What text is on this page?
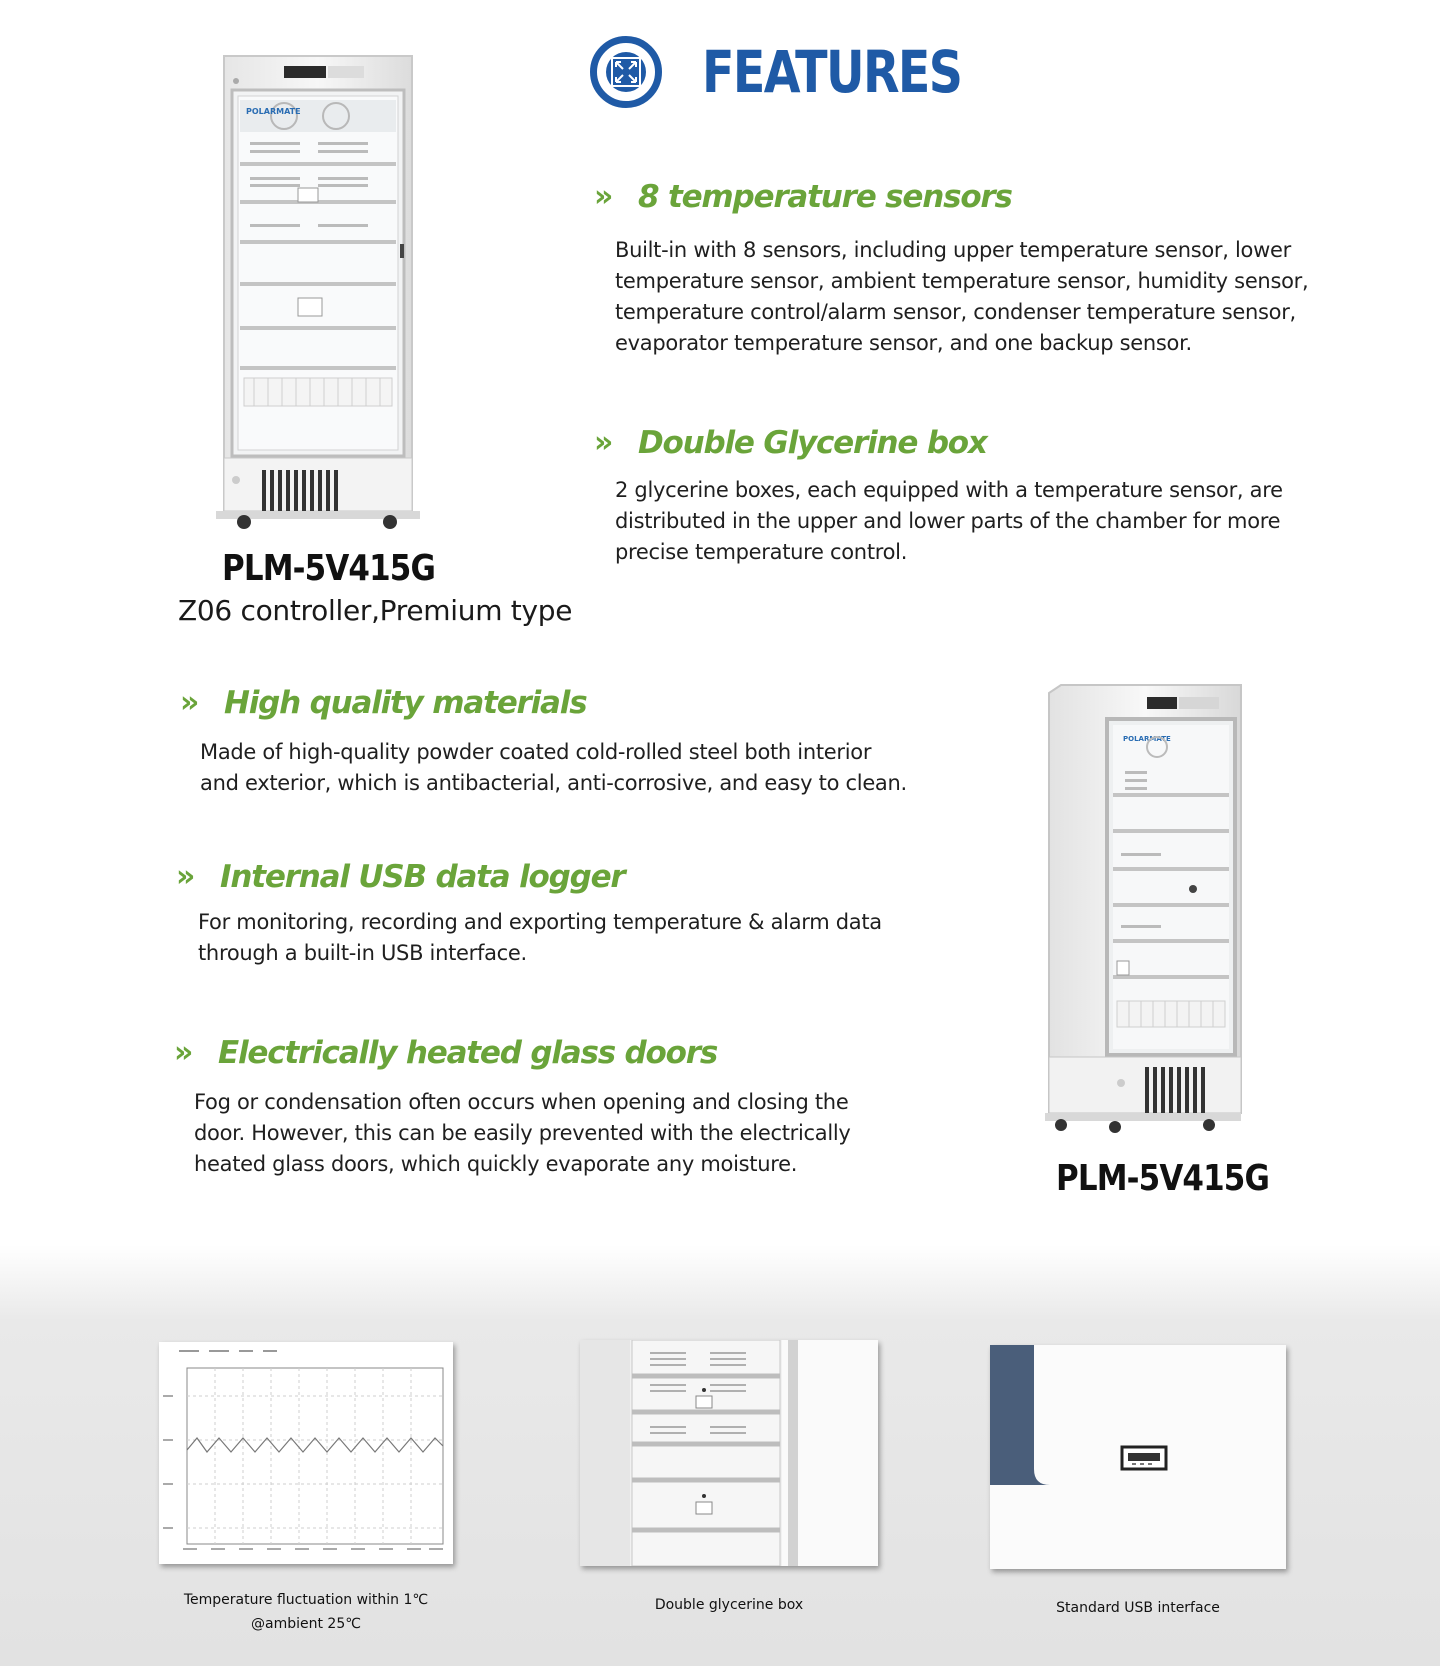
FEATURES
POLARMATE
PLM-5V415G
Z06 controller,Premium type
» 8 temperature sensors
Built-in with 8 sensors, including upper temperature sensor, lower
temperature sensor, ambient temperature sensor, humidity sensor,
temperature control/alarm sensor, condenser temperature sensor,
evaporator temperature sensor, and one backup sensor.
» Double Glycerine box
2 glycerine boxes, each equipped with a temperature sensor, are
distributed in the upper and lower parts of the chamber for more
precise temperature control.
» High quality materials
Made of high-quality powder coated cold-rolled steel both interior
and exterior, which is antibacterial, anti-corrosive, and easy to clean.
» Internal USB data logger
For monitoring, recording and exporting temperature & alarm data
through a built-in USB interface.
» Electrically heated glass doors
Fog or condensation often occurs when opening and closing the
door. However, this can be easily prevented with the electrically
heated glass doors, which quickly evaporate any moisture.
POLARMATE
PLM-5V415G
Temperature fluctuation within 1℃
@ambient 25℃
Double glycerine box	Standard USB interface
